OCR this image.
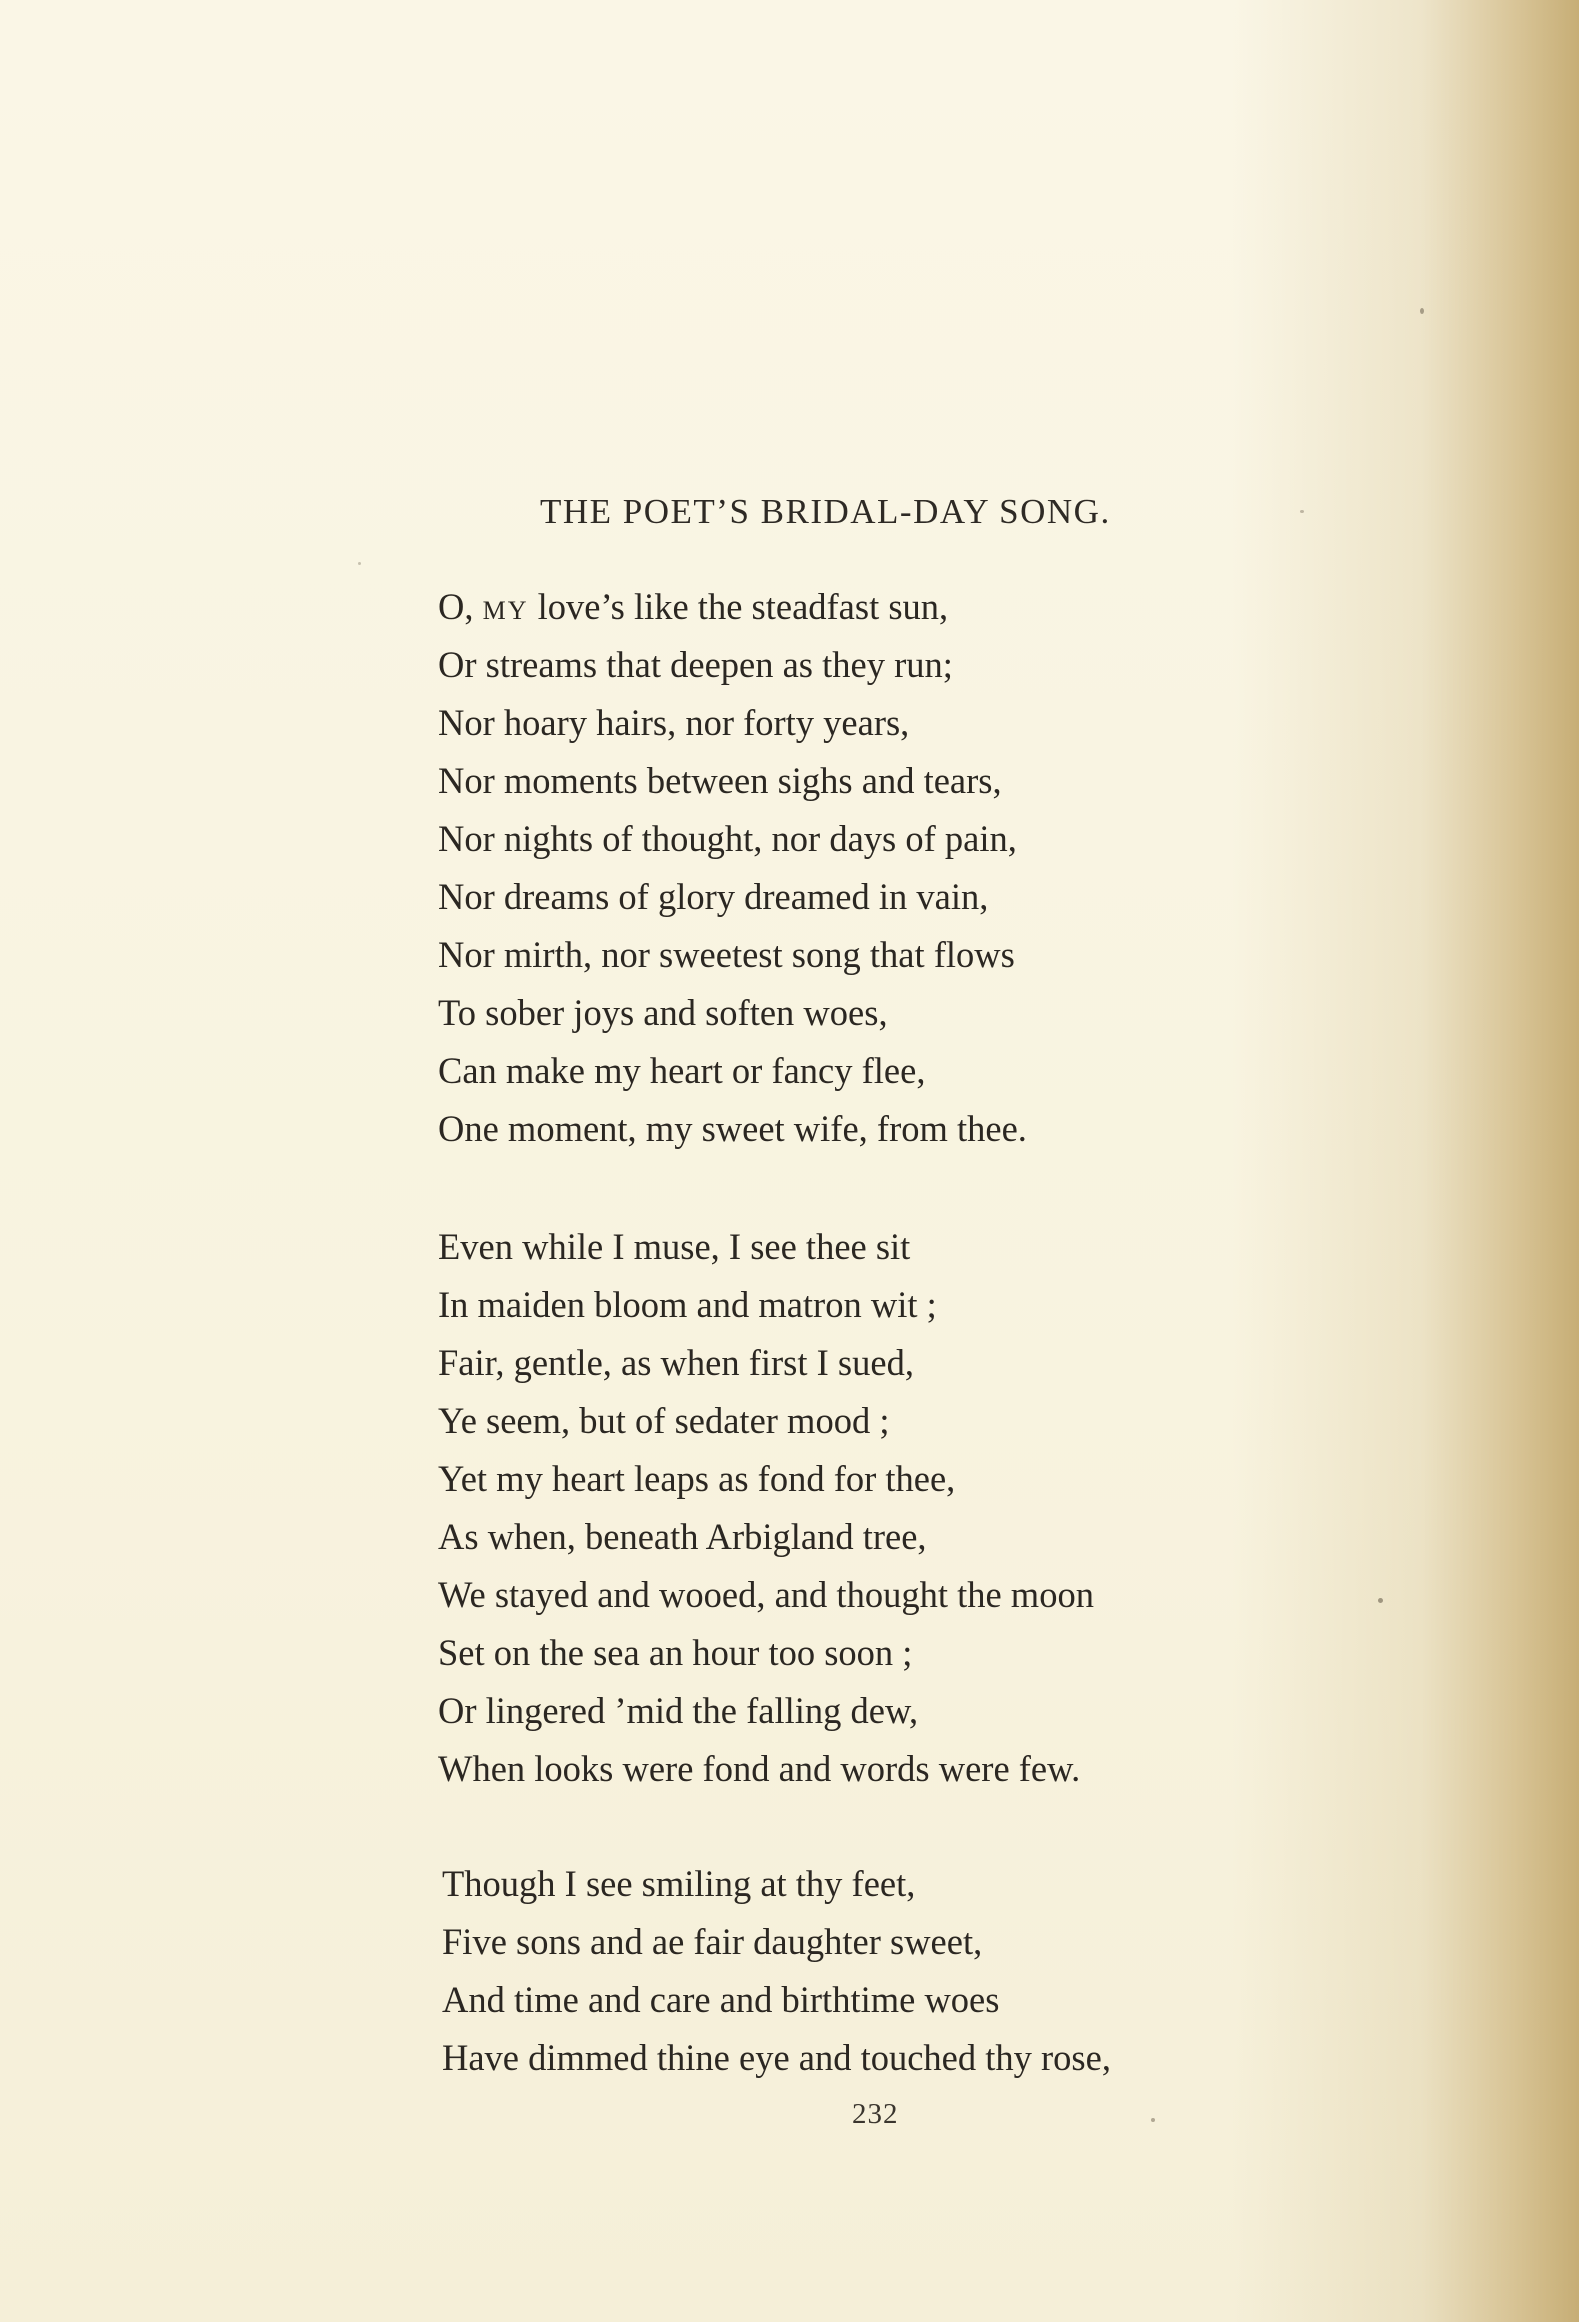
THE POET’S BRIDAL-DAY SONG.
O, MY love’s like the steadfast sun,
Or streams that deepen as they run;
Nor hoary hairs, nor forty years,
Nor moments between sighs and tears,
Nor nights of thought, nor days of pain,
Nor dreams of glory dreamed in vain,
Nor mirth, nor sweetest song that flows
To sober joys and soften woes,
Can make my heart or fancy flee,
One moment, my sweet wife, from thee.
Even while I muse, I see thee sit
In maiden bloom and matron wit ;
Fair, gentle, as when first I sued,
Ye seem, but of sedater mood ;
Yet my heart leaps as fond for thee,
As when, beneath Arbigland tree,
We stayed and wooed, and thought the moon
Set on the sea an hour too soon ;
Or lingered ’mid the falling dew,
When looks were fond and words were few.
Though I see smiling at thy feet,
Five sons and ae fair daughter sweet,
And time and care and birthtime woes
Have dimmed thine eye and touched thy rose,
232
